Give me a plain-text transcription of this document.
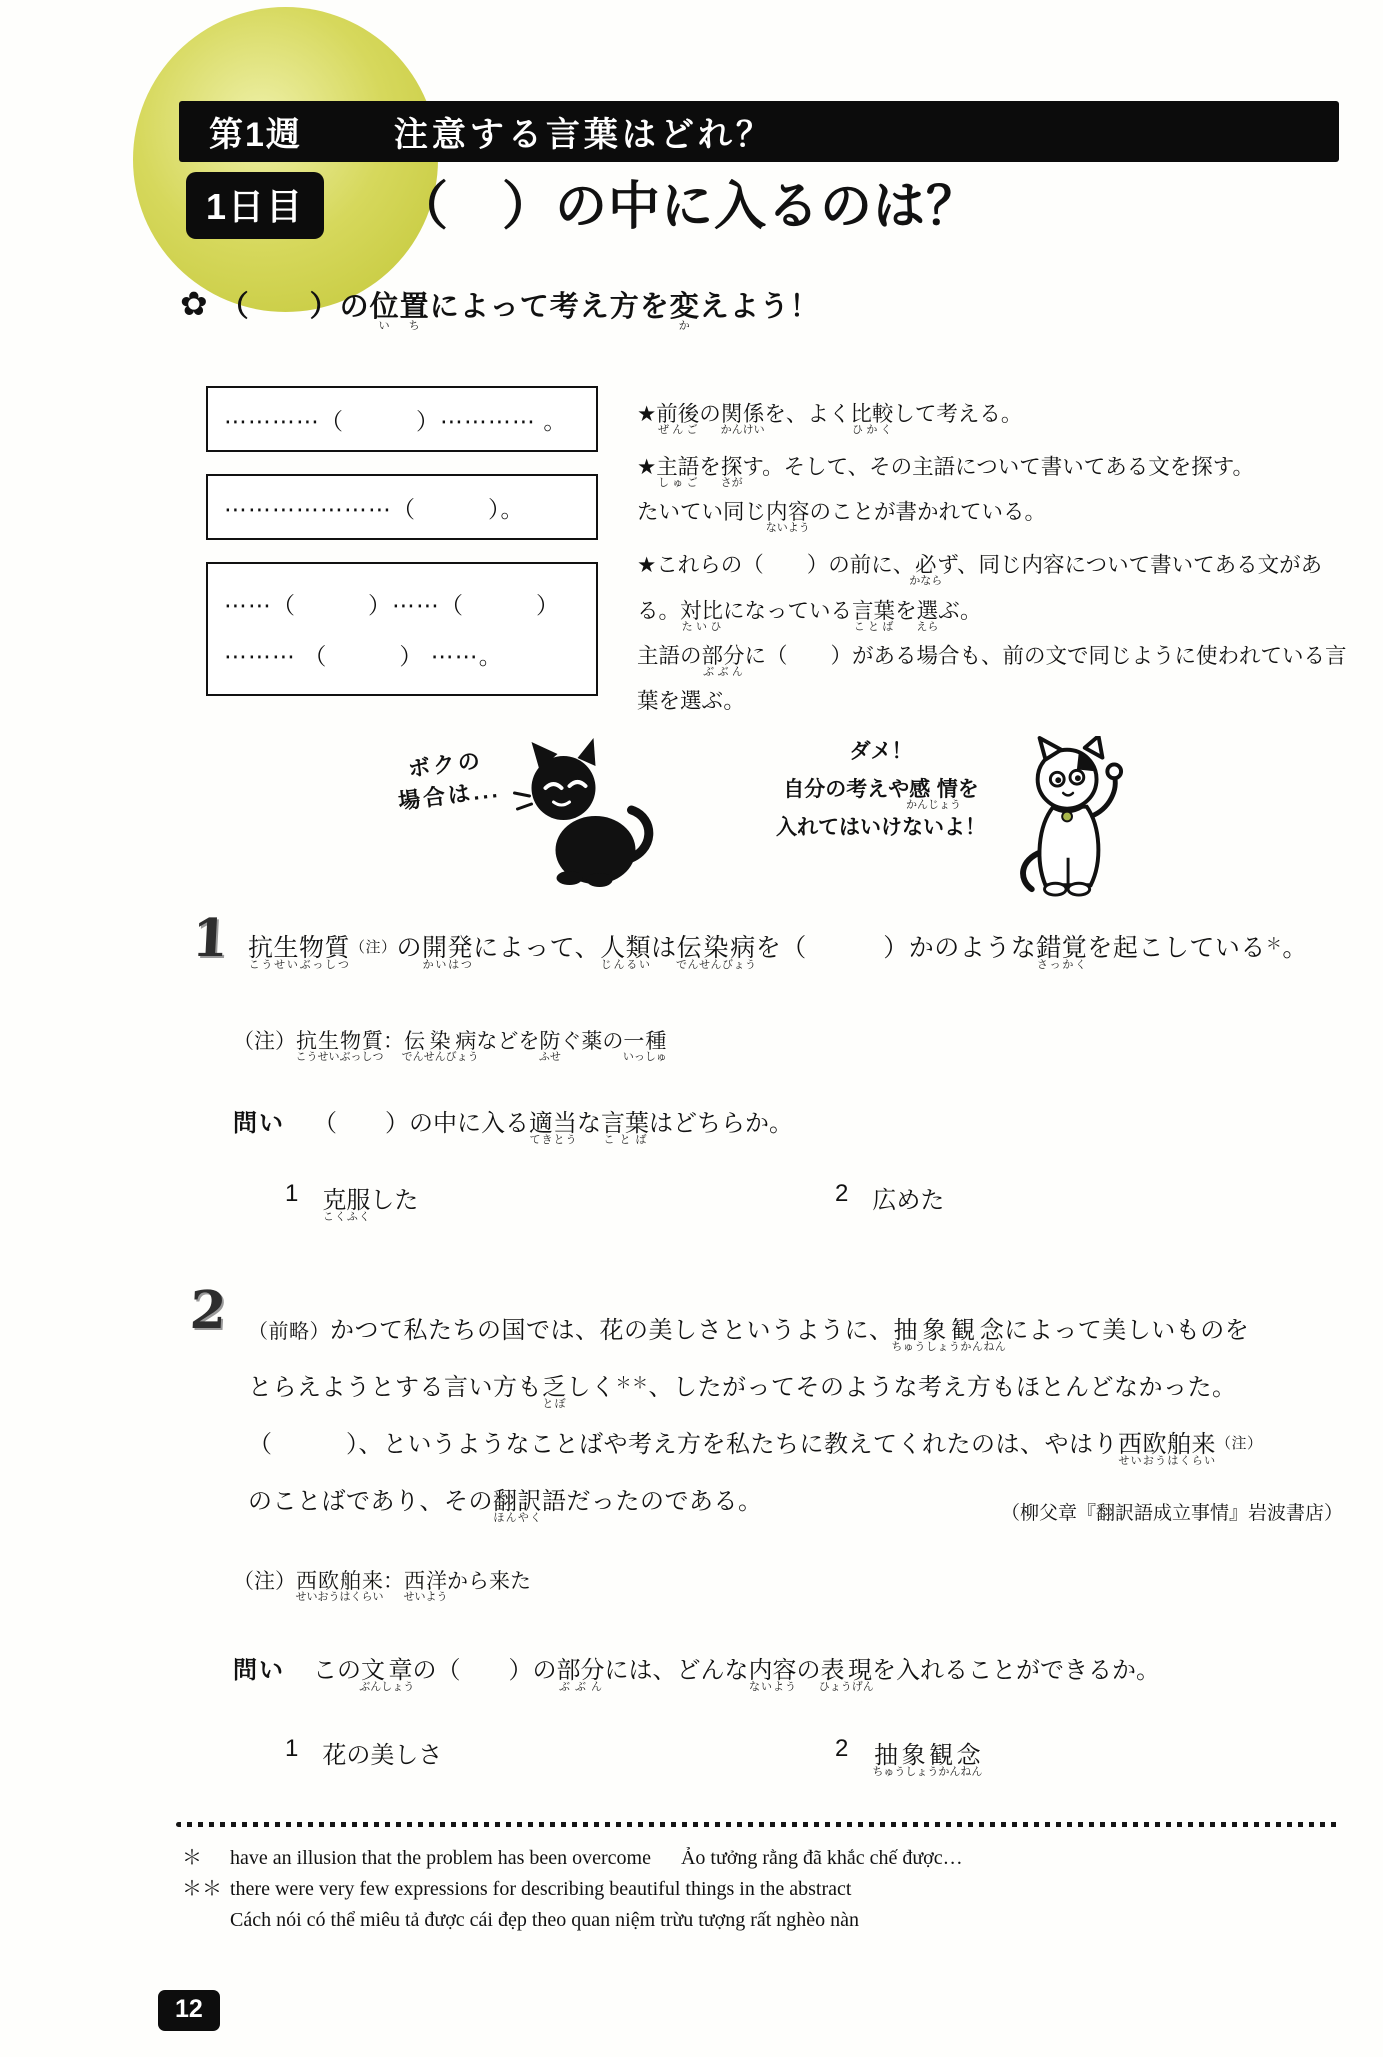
第1週	注意する言葉はどれ？
1日目	（　）の中に入るのは？
✿ （　　）の位置いちによって考え方を変かえよう！
⋯⋯⋯⋯（　　　）⋯⋯⋯⋯ 。
⋯⋯⋯⋯⋯⋯⋯（　　　）。
⋯⋯（　　　）⋯⋯（　　　）
⋯⋯⋯ （　　　） ⋯⋯。
★前後ぜんごの関係かんけいを、よく比較ひかくして考える。
★主語しゅごを探さがす。そして、その主語について書いてある文を探す。
たいてい同じ内容ないようのことが書かれている。
★これらの（　　）の前に、必かならず、同じ内容について書いてある文がある。対比たいひになっている言葉ことばを選えらぶ。
主語の部分ぶぶんに（　　）がある場合も、前の文で同じように使われている言葉を選ぶ。
ボクの
場合は...
ダメ！
自分の考えや感情かんじょうを
入れてはいけないよ！
1 抗生物質こうせいぶっしつ（注）の開発かいはつによって、人類じんるいは伝染病でんせんびょうを（　　　）かのような錯覚さっかくを起こしている＊。
（注）抗生物質こうせいぶっしつ：伝染病でんせんびょうなどを防ふせぐ薬の一種いっしゅ
問い （　　）の中に入る適当てきとうな言葉ことばはどちらか。
1 克服こくふくした	2 広めた
2 （前略）かつて私たちの国では、花の美しさというように、抽象観念ちゅうしょうかんねんによって美しいものを
とらえようとする言い方も乏とぼしく＊＊、したがってそのような考え方もほとんどなかった。
（　　　）、というようなことばや考え方を私たちに教えてくれたのは、やはり西欧舶来せいおうはくらい（注）
のことばであり、その翻訳ほんやく語だったのである。	（柳父章『翻訳語成立事情』岩波書店）
（注）西欧舶来せいおうはくらい：西洋せいようから来た
問い この文章ぶんしょうの（　　）の部分ぶぶんには、どんな内容ないようの表現ひょうげんを入れることができるか。
1 花の美しさ	2 抽象観念ちゅうしょうかんねん
＊	have an illusion that the problem has been overcome Ảo tưởng rằng đã khắc chế được…
＊＊ there were very few expressions for describing beautiful things in the abstract
Cách nói có thể miêu tả được cái đẹp theo quan niệm trừu tượng rất nghèo nàn
12
